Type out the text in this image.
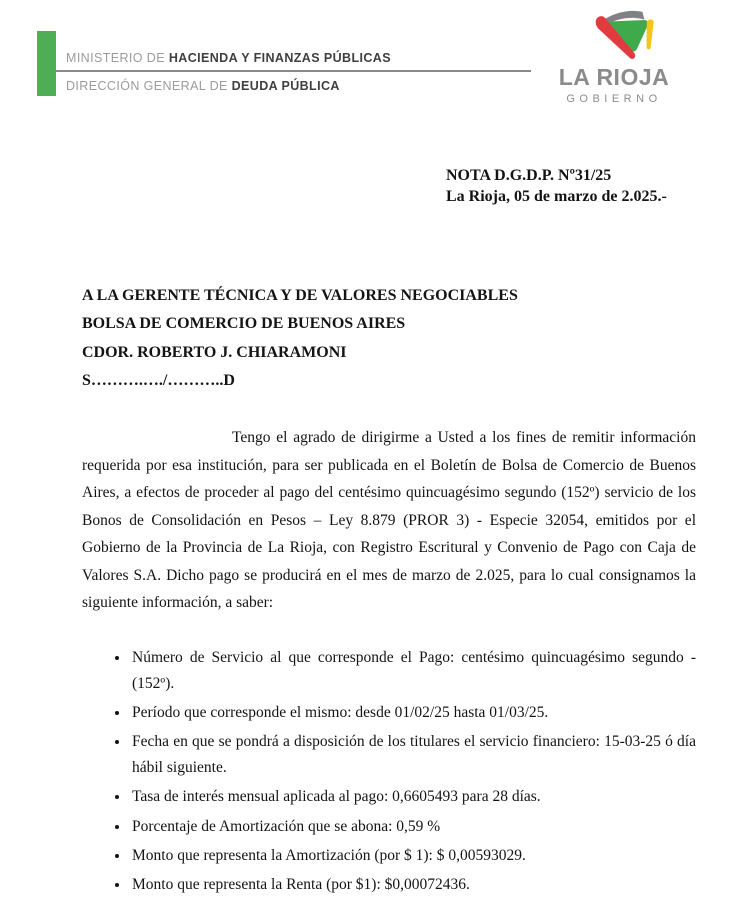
MINISTERIO DE HACIENDA Y FINANZAS PÚBLICAS
DIRECCIÓN GENERAL DE DEUDA PÚBLICA	LA RIOJA
GOBIERNO
NOTA D.G.D.P. Nº31/25
La Rioja, 05 de marzo de 2.025.-
A LA GERENTE TÉCNICA Y DE VALORES NEGOCIABLES
BOLSA DE COMERCIO DE BUENOS AIRES
CDOR. ROBERTO J. CHIARAMONI
S……….…./………..D

Tengo el agrado de dirigirme a Usted a los fines de remitir información requerida por esa institución, para ser publicada en el Boletín de Bolsa de Comercio de Buenos Aires, a efectos de proceder al pago del centésimo quincuagésimo segundo (152º) servicio de los Bonos de Consolidación en Pesos – Ley 8.879 (PROR 3) - Especie 32054, emitidos por el Gobierno de la Provincia de La Rioja, con Registro Escritural y Convenio de Pago con Caja de Valores S.A. Dicho pago se producirá en el mes de marzo de 2.025, para lo cual consignamos la siguiente información, a saber:

• Número de Servicio al que corresponde el Pago: centésimo quincuagésimo segundo - (152º).
• Período que corresponde el mismo: desde 01/02/25 hasta 01/03/25.
• Fecha en que se pondrá a disposición de los titulares el servicio financiero: 15-03-25 ó día hábil siguiente.
• Tasa de interés mensual aplicada al pago: 0,6605493 para 28 días.
• Porcentaje de Amortización que se abona: 0,59 %
• Monto que representa la Amortización (por $ 1): $ 0,00593029.
• Monto que representa la Renta (por $1): $0,00072436.
